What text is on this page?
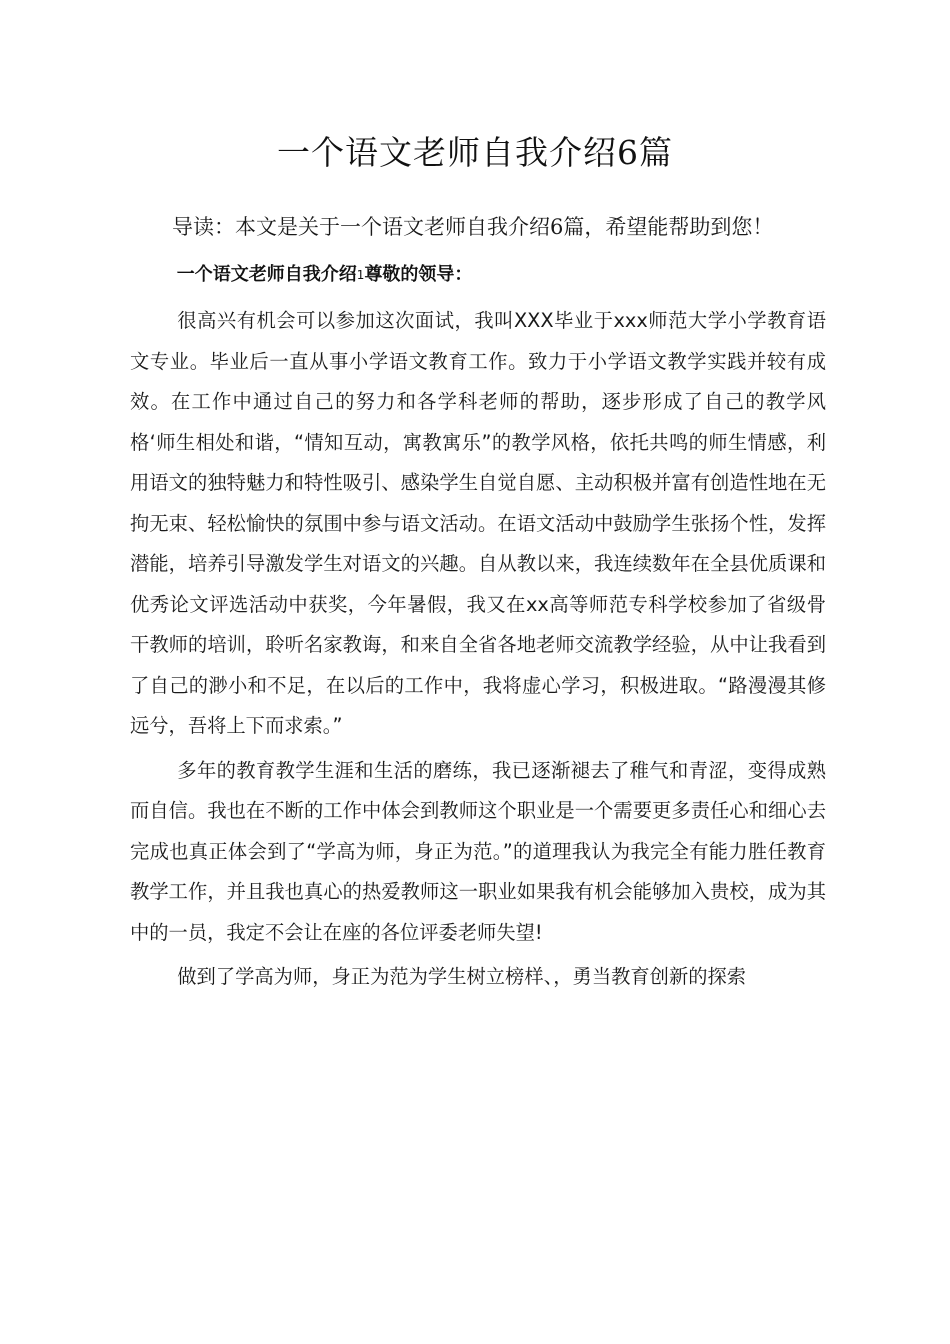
一个语文老师自我介绍6篇

导读：本文是关于一个语文老师自我介绍6篇，希望能帮助到您！

一个语文老师自我介绍1尊敬的领导：

很高兴有机会可以参加这次面试，我叫XXX毕业于xxx师范大学小学教育语文专业。毕业后一直从事小学语文教育工作。致力于小学语文教学实践并较有成效。在工作中通过自己的努力和各学科老师的帮助，逐步形成了自己的教学风格‘师生相处和谐，“情知互动，寓教寓乐”的教学风格，依托共鸣的师生情感，利用语文的独特魅力和特性吸引、感染学生自觉自愿、主动积极并富有创造性地在无拘无束、轻松愉快的氛围中参与语文活动。在语文活动中鼓励学生张扬个性，发挥潜能，培养引导激发学生对语文的兴趣。自从教以来，我连续数年在全县优质课和优秀论文评选活动中获奖，今年暑假，我又在xx高等师范专科学校参加了省级骨干教师的培训，聆听名家教诲，和来自全省各地老师交流教学经验，从中让我看到了自己的渺小和不足，在以后的工作中，我将虚心学习，积极进取。“路漫漫其修远兮，吾将上下而求索。”

多年的教育教学生涯和生活的磨练，我已逐渐褪去了稚气和青涩，变得成熟而自信。我也在不断的工作中体会到教师这个职业是一个需要更多责任心和细心去完成也真正体会到了“学高为师，身正为范。”的道理我认为我完全有能力胜任教育教学工作，并且我也真心的热爱教师这一职业如果我有机会能够加入贵校，成为其中的一员，我定不会让在座的各位评委老师失望!

做到了学高为师，身正为范为学生树立榜样、，勇当教育创新的探索
